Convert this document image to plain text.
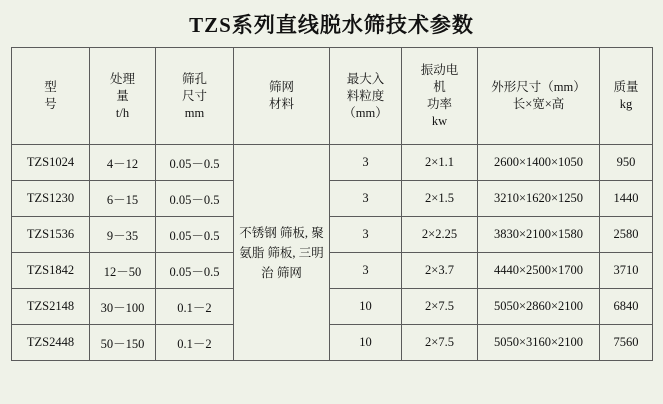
TZS系列直线脱水筛技术参数
型
号	处理
量
t/h	筛孔
尺寸
mm	筛网
材料	最大入
料粒度
（mm）	振动电
机
功率
kw	外形尺寸（mm）
长×宽×高	质量
kg

TZS1024	4－12	0.05－0.5	不锈钢 筛板, 聚氨脂 筛板, 三明治 筛网	3	2×1.1	2600×1400×1050	950
TZS1230	6－15	0.05－0.5		3	2×1.5	3210×1620×1250	1440
TZS1536	9－35	0.05－0.5		3	2×2.25	3830×2100×1580	2580
TZS1842	12－50	0.05－0.5		3	2×3.7	4440×2500×1700	3710
TZS2148	30－100	0.1－2		10	2×7.5	5050×2860×2100	6840
TZS2448	50－150	0.1－2		10	2×7.5	5050×3160×2100	7560
